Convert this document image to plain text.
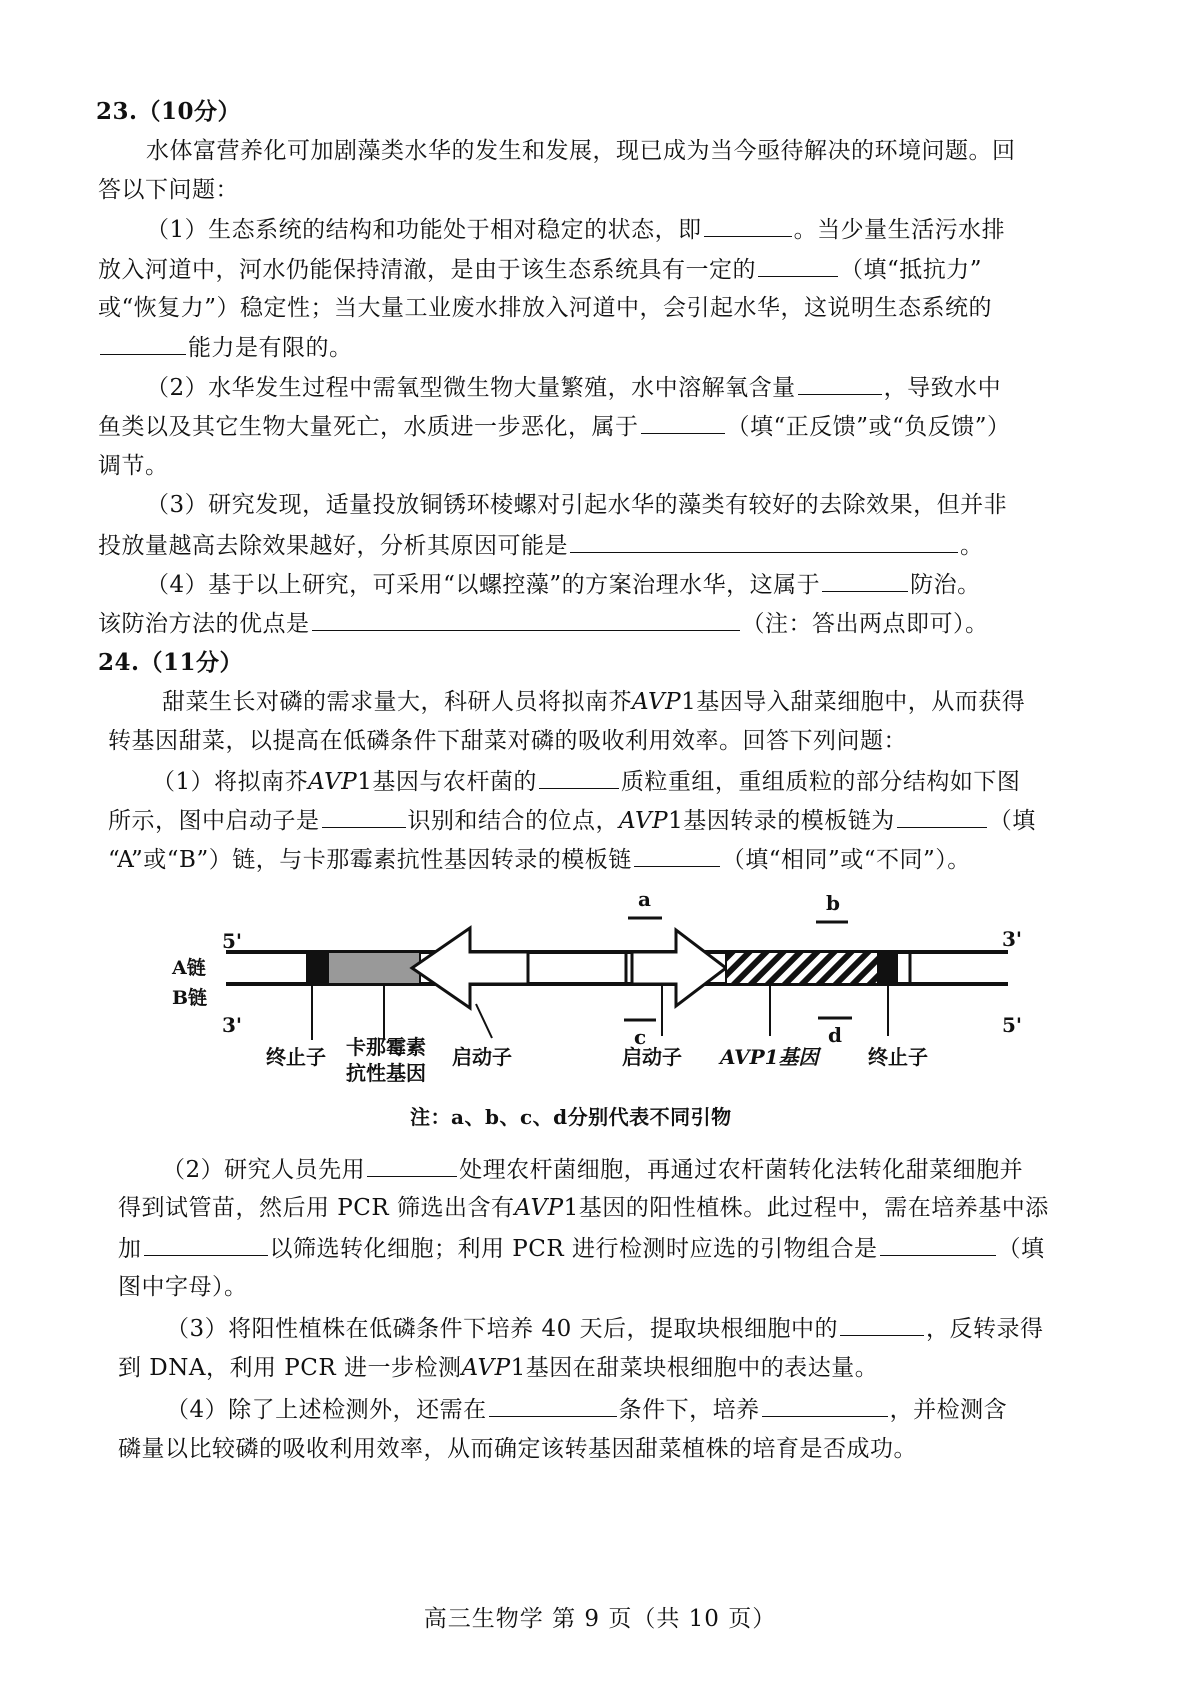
23.（10分）
水体富营养化可加剧藻类水华的发生和发展，现已成为当今亟待解决的环境问题。回
答以下问题：
（1）生态系统的结构和功能处于相对稳定的状态，即	。当少量生活污水排
放入河道中，河水仍能保持清澈，是由于该生态系统具有一定的	（填“抵抗力”
或“恢复力”）稳定性；当大量工业废水排放入河道中，会引起水华，这说明生态系统的
能力是有限的。
（2）水华发生过程中需氧型微生物大量繁殖，水中溶解氧含量	，导致水中
鱼类以及其它生物大量死亡，水质进一步恶化，属于	（填“正反馈”或“负反馈”）
调节。
（3）研究发现，适量投放铜锈环棱螺对引起水华的藻类有较好的去除效果，但并非
投放量越高去除效果越好，分析其原因可能是	。
（4）基于以上研究，可采用“以螺控藻”的方案治理水华，这属于	防治。
该防治方法的优点是	（注：答出两点即可）。
24.（11分）
甜菜生长对磷的需求量大，科研人员将拟南芥AVP1基因导入甜菜细胞中，从而获得
转基因甜菜，以提高在低磷条件下甜菜对磷的吸收利用效率。回答下列问题：
（1）将拟南芥AVP1基因与农杆菌的	质粒重组，重组质粒的部分结构如下图
所示，图中启动子是	识别和结合的位点，AVP1基因转录的模板链为	（填
“A”或“B”）链，与卡那霉素抗性基因转录的模板链	（填“相同”或“不同”）。
5'
A链
B链
3'
3'
5'
a	b
c	d
终止子 卡那霉素
抗性基因
启动子	启动子 AVP1基因 终止子
注：a、b、c、d分别代表不同引物
（2）研究人员先用	处理农杆菌细胞，再通过农杆菌转化法转化甜菜细胞并
得到试管苗，然后用 PCR 筛选出含有AVP1基因的阳性植株。此过程中，需在培养基中添
加	以筛选转化细胞；利用 PCR 进行检测时应选的引物组合是	（填
图中字母）。
（3）将阳性植株在低磷条件下培养 40 天后，提取块根细胞中的	，反转录得
到 DNA，利用 PCR 进一步检测AVP1基因在甜菜块根细胞中的表达量。
（4）除了上述检测外，还需在	条件下，培养	，并检测含
磷量以比较磷的吸收利用效率，从而确定该转基因甜菜植株的培育是否成功。
高三生物学 第 9 页（共 10 页）
